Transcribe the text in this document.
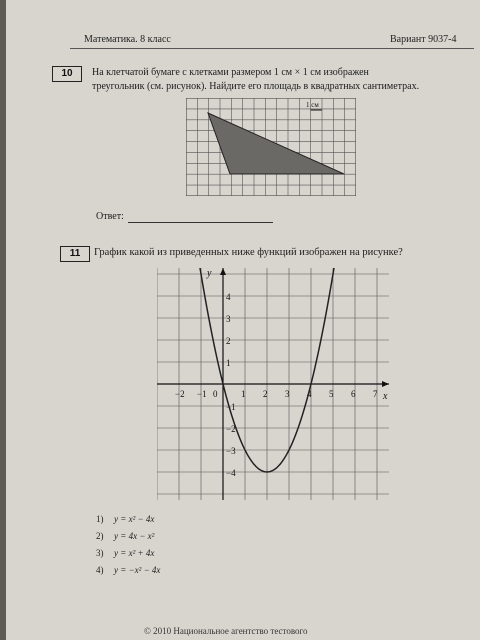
Математика. 8 класс	Вариант 9037-4
10	На клетчатой бумаге с клетками размером 1 см × 1 см изображен
треугольник (см. рисунок). Найдите его площадь в квадратных сантиметрах.
1 см
Ответ:
11	График какой из приведенных ниже функций изображен на рисунке?
y
x
0
−2 −1	1 2 3 4 5 6 7
4
3
2
1
−1
−2
−3
−4
1) y = x² − 4x
2) y = 4x − x²
3) y = x² + 4x
4) y = −x² − 4x
© 2010 Национальное агентство тестового
